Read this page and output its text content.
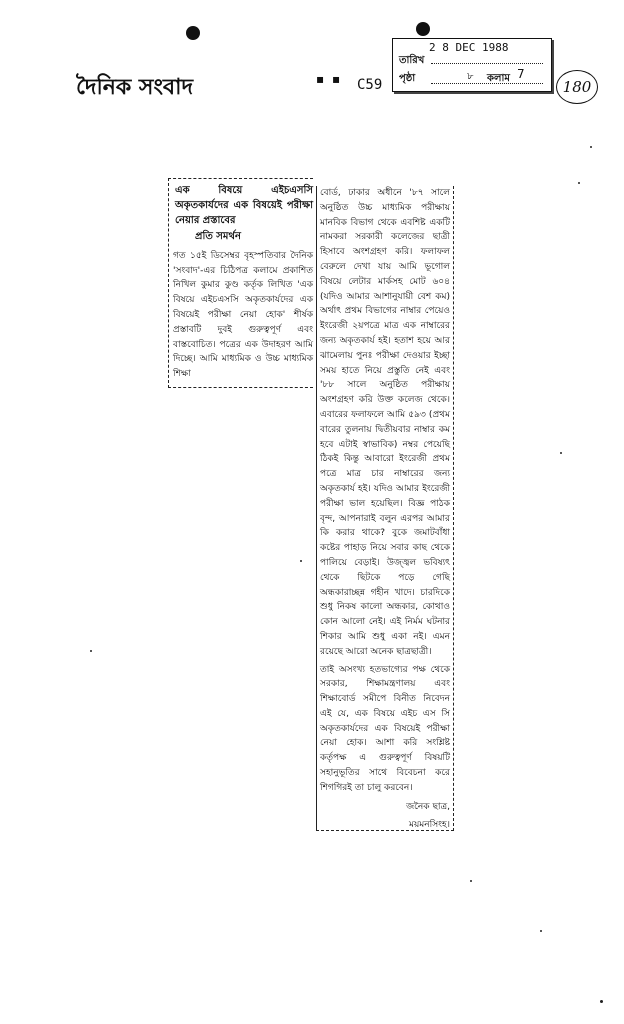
দৈনিক সংবাদ	▪ ▪ C59
2 8 DEC 1988
তারিখ
পৃষ্ঠা	৮ কলাম 7
180
এক বিষয়ে এইচএসসি অকৃতকার্যদের এক বিষয়েই পরীক্ষা নেয়ার প্রস্তাবের
প্রতি সমর্থন

গত ১৫ই ডিসেম্বর বৃহস্পতিবার দৈনিক 'সংবাদ'-এর চিঠিপত্র কলামে প্রকাশিত নিখিল কুমার কুণ্ড কর্তৃক লিখিত 'এক বিষয়ে এইচএসসি অকৃতকার্যদের এক বিষয়েই পরীক্ষা নেয়া হোক' শীর্ষক প্রস্তাবটি দুবই গুরুত্বপূর্ণ এবং বাস্তবোচিত। পত্রের এক উদাহরণ আমি দিচ্ছে। আমি মাধ্যমিক ও উচ্চ মাধ্যমিক শিক্ষা

বোর্ড, ঢাকার অধীনে '৮৭ সালে অনুষ্ঠিত উচ্চ মাধ্যমিক পরীক্ষায় মানবিক বিভাগ থেকে এবশিষ্ট একটি নামকরা সরকারী কলেজের ছাত্রী হিসাবে অংশগ্রহণ করি। ফলাফল বেরুলে দেখা যায় আমি ভূগোল বিষয়ে লেটার মার্কসহ মোট ৬০৪ (যদিও আমার আশানুযায়ী বেশ কম) অর্থাৎ প্রথম বিভাগের নাম্বার পেয়েও ইংরেজী ২য়পত্রে মাত্র এক নাম্বারের জন্য অকৃতকার্য হই। হতাশ হয়ে আর ঝামেলায় পুনঃ পরীক্ষা দেওয়ার ইচ্ছা সময় হাতে নিয়ে প্রস্তুতি নেই এবং '৮৮ সালে অনুষ্ঠিত পরীক্ষায় অংশগ্রহণ করি উক্ত কলেজ থেকে। এবারের ফলাফলে আমি ৫৯৩ (প্রথম বারের তুলনায় দ্বিতীয়বার নাম্বার কম হবে এটাই স্বাভাবিক) নম্বর পেয়েছি ঠিকই কিন্তু আবারো ইংরেজী প্রথম পত্রে মাত্র চার নাম্বারের জন্য অকৃতকার্য হই। যদিও আমার ইংরেজী পরীক্ষা ভাল হয়েছিল। বিজ্ঞ পাঠক বৃন্দ, আপনারাই বলুন এরপর আমার কি করার থাকে? বুকে জমাটবাঁধা কষ্টের পাহাড় নিয়ে সবার কাছ থেকে পালিয়ে বেড়াই। উজ্জ্বল ভবিষ্যৎ থেকে ছিটকে পড়ে গেছি অন্ধকারাচ্ছন্ন গহীন খাদে। চারদিকে শুধু নিকষ কালো অন্ধকার, কোথাও কোন আলো নেই। এই নির্মম ঘটনার শিকার আমি শুধু একা নই। এমন রয়েছে আরো অনেক ছাত্রছাত্রী।

তাই অসংখ্য হতভাগ্যের পক্ষ থেকে সরকার, শিক্ষামন্ত্রণালয় এবং শিক্ষাবোর্ড সমীপে বিনীত নিবেদন এই যে, এক বিষয়ে এইচ এস সি অকৃতকার্যদের এক বিষয়েই পরীক্ষা নেয়া হোক। আশা করি সংশ্লিষ্ট কর্তৃপক্ষ এ গুরুত্বপূর্ণ বিষয়টি সহানুভূতির সাথে বিবেচনা করে শিগগিরই তা চালু করবেন।

জনৈক ছাত্র,
ময়মনসিংহ।
